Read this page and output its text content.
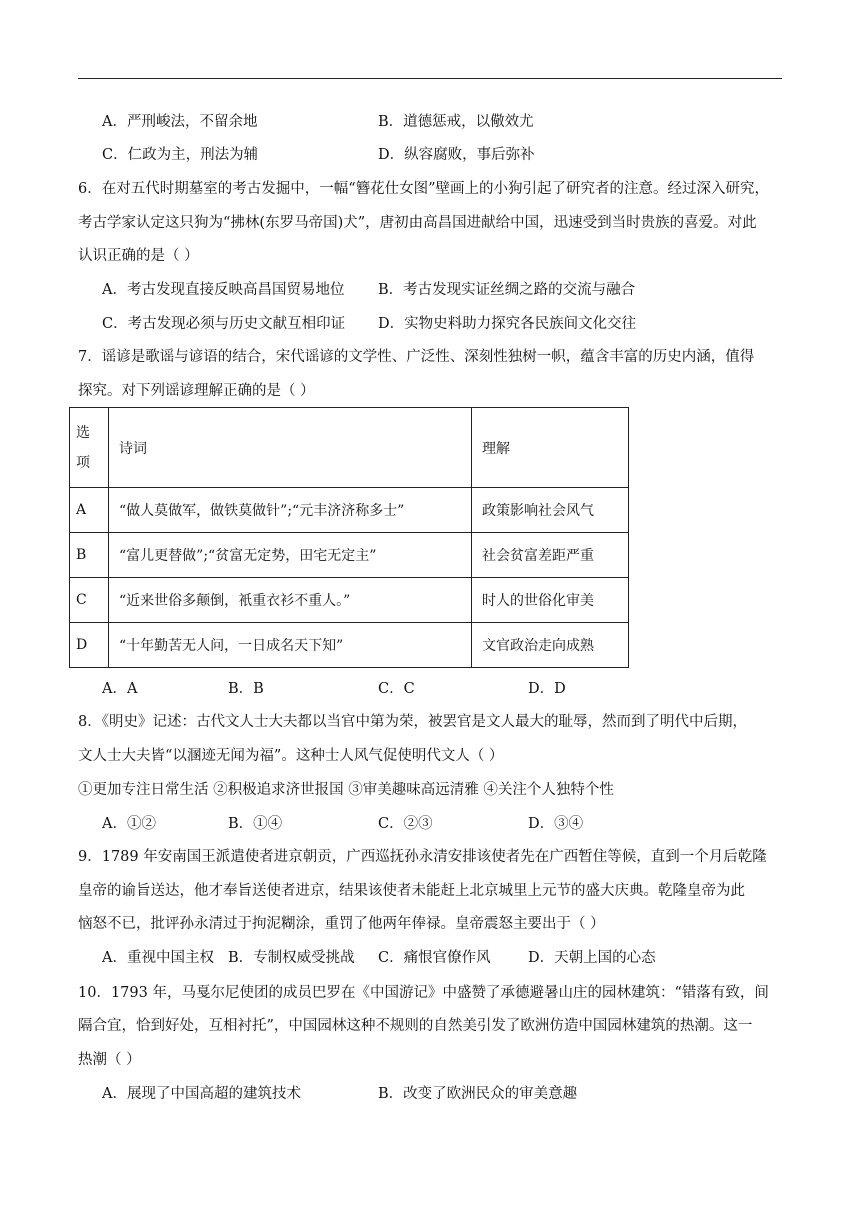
A．严刑峻法，不留余地	B．道德惩戒，以儆效尤
C．仁政为主，刑法为辅	D．纵容腐败，事后弥补
6．在对五代时期墓室的考古发掘中，一幅“簪花仕女图”壁画上的小狗引起了研究者的注意。经过深入研究，
考古学家认定这只狗为“拂林(东罗马帝国)犬”，唐初由高昌国进献给中国，迅速受到当时贵族的喜爱。对此
认识正确的是（ ）
A．考古发现直接反映高昌国贸易地位 B．考古发现实证丝绸之路的交流与融合
C．考古发现必须与历史文献互相印证 D．实物史料助力探究各民族间文化交往
7．谣谚是歌谣与谚语的结合，宋代谣谚的文学性、广泛性、深刻性独树一帜，蕴含丰富的历史内涵，值得
探究。对下列谣谚理解正确的是（ ）
选
项	诗词	理解
A	“做人莫做军，做铁莫做针”;“元丰济济称多士”	政策影响社会风气
B	“富儿更替做”;“贫富无定势，田宅无定主”	社会贫富差距严重
C	“近来世俗多颠倒，衹重衣衫不重人。”	时人的世俗化审美
D	“十年勤苦无人问，一日成名天下知”	文官政治走向成熟
A．A	B．B	C．C	D．D
8．《明史》记述：古代文人士大夫都以当官中第为荣，被罢官是文人最大的耻辱，然而到了明代中后期，
文人士大夫皆“以溷迹无闻为福”。这种士人风气促使明代文人（ ）
①更加专注日常生活 ②积极追求济世报国 ③审美趣味高远清雅 ④关注个人独特个性
A．①②	B．①④	C．②③	D．③④
9．1789 年安南国王派遣使者进京朝贡，广西巡抚孙永清安排该使者先在广西暂住等候，直到一个月后乾隆
皇帝的谕旨送达，他才奉旨送使者进京，结果该使者未能赶上北京城里上元节的盛大庆典。乾隆皇帝为此
恼怒不已，批评孙永清过于拘泥糊涂，重罚了他两年俸禄。皇帝震怒主要出于（ ）
A．重视中国主权 B．专制权威受挑战 C．痛恨官僚作风	D．天朝上国的心态
10．1793 年，马戛尔尼使团的成员巴罗在《中国游记》中盛赞了承德避暑山庄的园林建筑：“错落有致，间
隔合宜，恰到好处，互相衬托”，中国园林这种不规则的自然美引发了欧洲仿造中国园林建筑的热潮。这一
热潮（ ）
A．展现了中国高超的建筑技术	B．改变了欧洲民众的审美意趣
